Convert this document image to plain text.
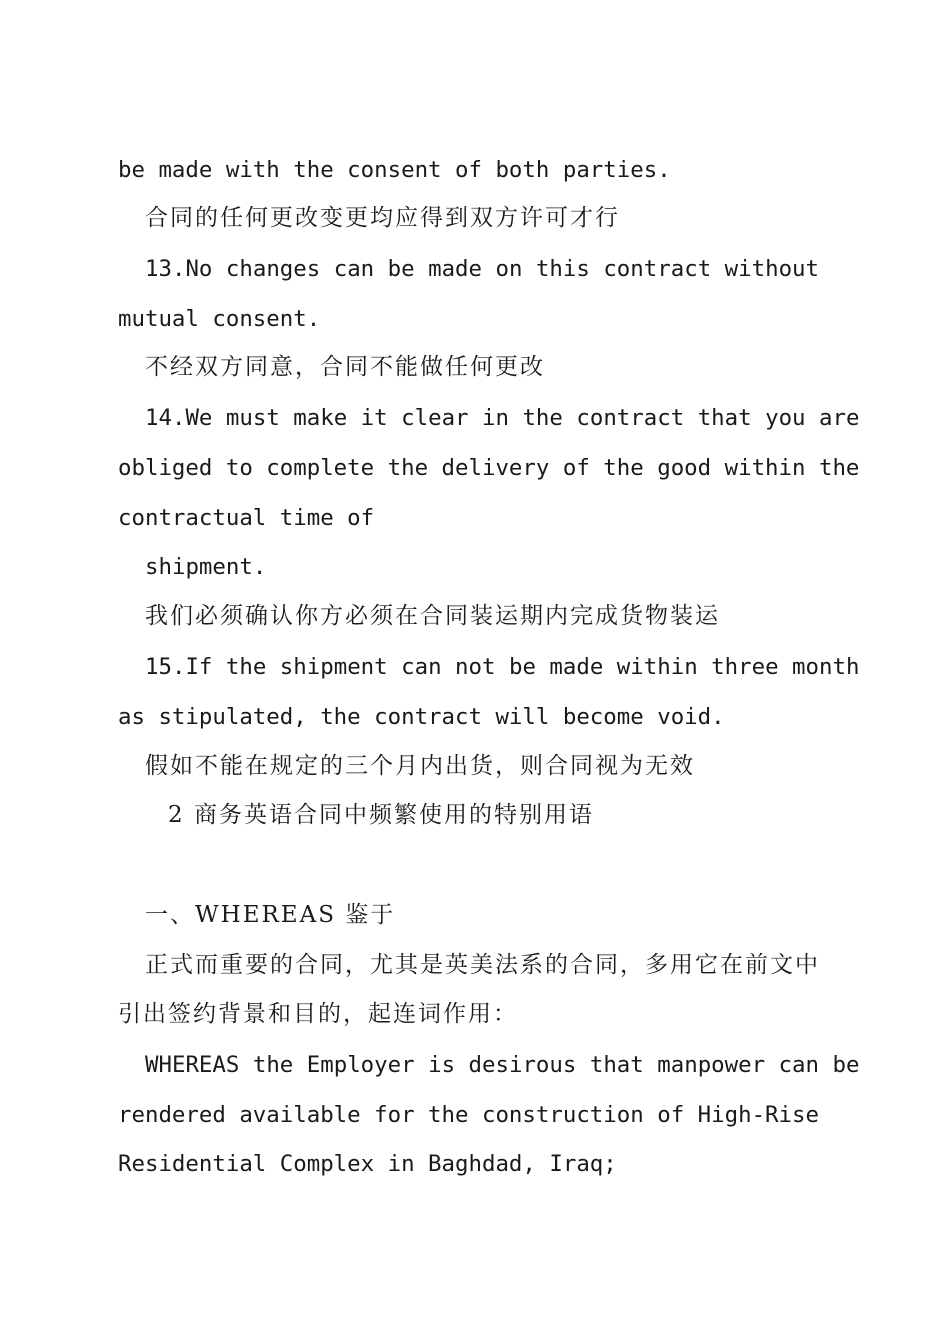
be made with the consent of both parties.

合同的任何更改变更均应得到双方许可才行

13.No changes can be made on this contract without

mutual consent.

不经双方同意，合同不能做任何更改

14.We must make it clear in the contract that you are

obliged to complete the delivery of the good within the

contractual time of

shipment.

我们必须确认你方必须在合同装运期内完成货物装运

15.If the shipment can not be made within three month

as stipulated, the contract will become void.

假如不能在规定的三个月内出货，则合同视为无效

2 商务英语合同中频繁使用的特别用语

一、WHEREAS 鉴于

正式而重要的合同，尤其是英美法系的合同，多用它在前文中

引出签约背景和目的，起连词作用：

WHEREAS the Employer is desirous that manpower can be

rendered available for the construction of High-Rise

Residential Complex in Baghdad, Iraq;
